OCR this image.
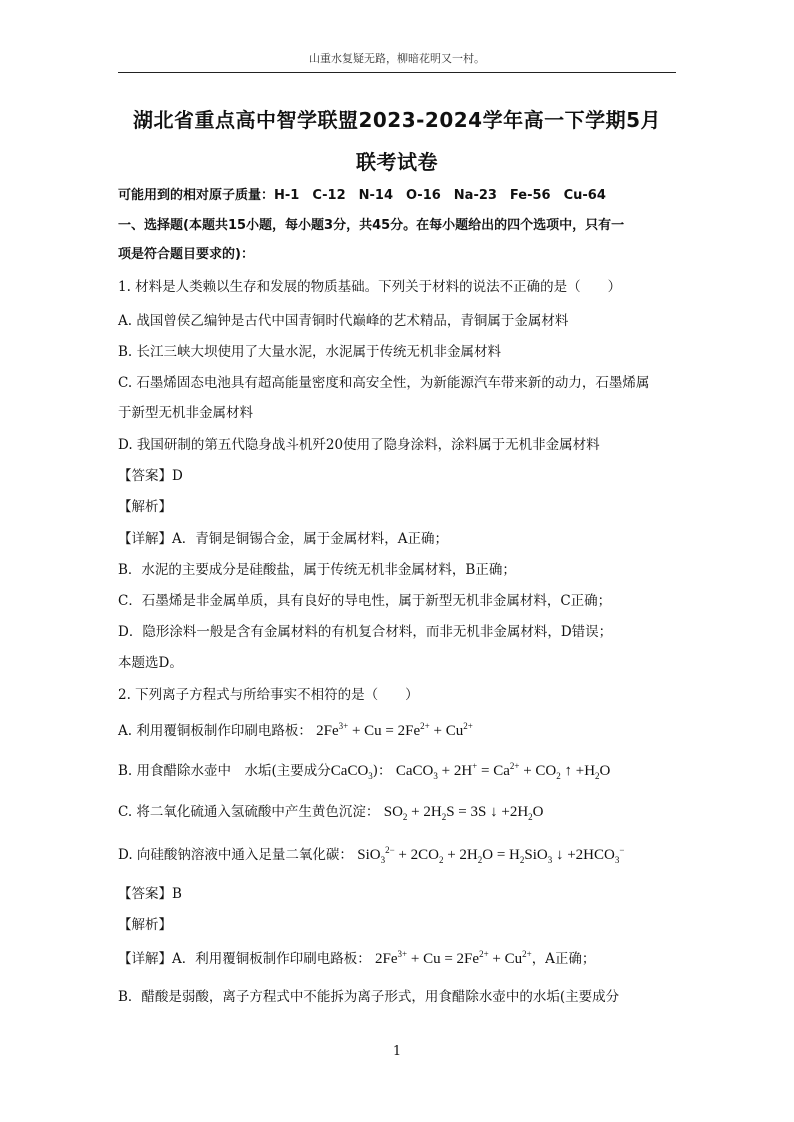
山重水复疑无路，柳暗花明又一村。
湖北省重点高中智学联盟2023-2024学年高一下学期5月
联考试卷
可能用到的相对原子质量：H-1　C-12　N-14　O-16　Na-23　Fe-56　Cu-64
一、选择题(本题共15小题，每小题3分，共45分。在每小题给出的四个选项中，只有一
项是符合题目要求的)：
1. 材料是人类赖以生存和发展的物质基础。下列关于材料的说法不正确的是（　　）
A. 战国曾侯乙编钟是古代中国青铜时代巅峰的艺术精品，青铜属于金属材料
B. 长江三峡大坝使用了大量水泥，水泥属于传统无机非金属材料
C. 石墨烯固态电池具有超高能量密度和高安全性，为新能源汽车带来新的动力，石墨烯属
于新型无机非金属材料
D. 我国研制的第五代隐身战斗机歼20使用了隐身涂料，涂料属于无机非金属材料
【答案】D
【解析】
【详解】A．青铜是铜锡合金，属于金属材料，A正确；
B．水泥的主要成分是硅酸盐，属于传统无机非金属材料，B正确；
C．石墨烯是非金属单质，具有良好的导电性，属于新型无机非金属材料，C正确；
D．隐形涂料一般是含有金属材料的有机复合材料，而非无机非金属材料，D错误；
本题选D。
2. 下列离子方程式与所给事实不相符的是（　　）
A. 利用覆铜板制作印刷电路板： $2Fe^{3+} + Cu = 2Fe^{2+} + Cu^{2+}$
B. 用食醋除水壶中　水垢(主要成分CaCO$_3$)： CaCO$_3$ + $2H^+ = Ca^{2+} + CO_2$ ↑ $+H_2O$
C. 将二氧化硫通入氢硫酸中产生黄色沉淀： $SO_2 + 2H_2S = 3S$ ↓ $+2H_2O$
D. 向硅酸钠溶液中通入足量二氧化碳： $SiO_3^{2-} + 2CO_2 + 2H_2O = H_2SiO_3$ ↓ $+2HCO_3^-$
【答案】B
【解析】
【详解】A．利用覆铜板制作印刷电路板： $2Fe^{3+} + Cu = 2Fe^{2+} + Cu^{2+}$，A正确；
B．醋酸是弱酸，离子方程式中不能拆为离子形式，用食醋除水壶中的水垢(主要成分
1
